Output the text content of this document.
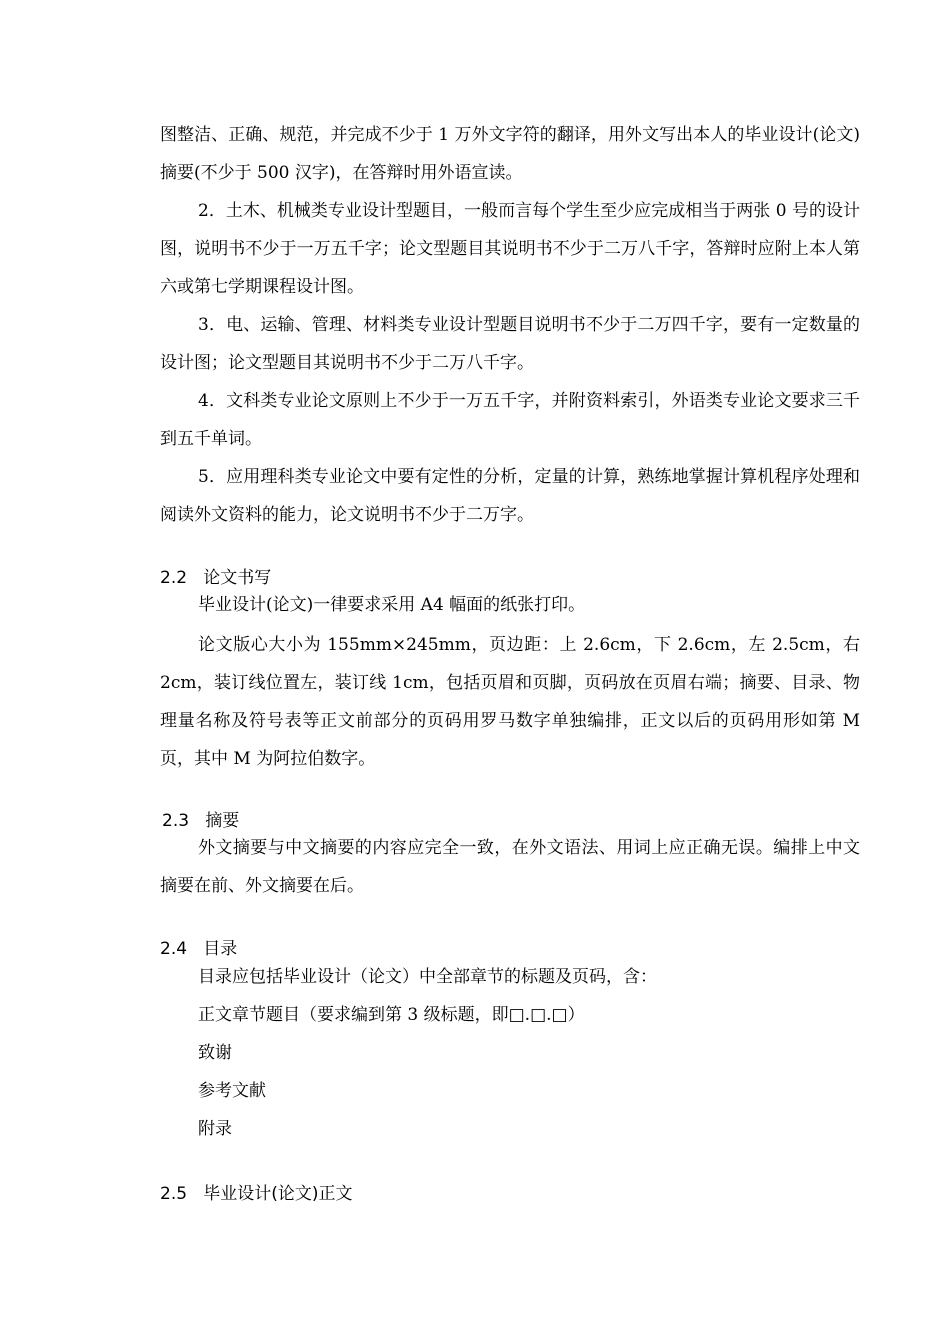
图整洁、正确、规范，并完成不少于 1 万外文字符的翻译，用外文写出本人的毕业设计(论文)摘要(不少于 500 汉字)，在答辩时用外语宣读。

2．土木、机械类专业设计型题目，一般而言每个学生至少应完成相当于两张 0 号的设计图，说明书不少于一万五千字；论文型题目其说明书不少于二万八千字，答辩时应附上本人第六或第七学期课程设计图。

3．电、运输、管理、材料类专业设计型题目说明书不少于二万四千字，要有一定数量的设计图；论文型题目其说明书不少于二万八千字。

4．文科类专业论文原则上不少于一万五千字，并附资料索引，外语类专业论文要求三千到五千单词。

5．应用理科类专业论文中要有定性的分析，定量的计算，熟练地掌握计算机程序处理和阅读外文资料的能力，论文说明书不少于二万字。

2.2   论文书写

毕业设计(论文)一律要求采用 A4 幅面的纸张打印。

论文版心大小为 155mm×245mm，页边距：上 2.6cm，下 2.6cm，左 2.5cm，右 2cm，装订线位置左，装订线 1cm，包括页眉和页脚，页码放在页眉右端；摘要、目录、物理量名称及符号表等正文前部分的页码用罗马数字单独编排，正文以后的页码用形如第 M 页，其中 M 为阿拉伯数字。

2.3   摘要

外文摘要与中文摘要的内容应完全一致，在外文语法、用词上应正确无误。编排上中文摘要在前、外文摘要在后。

2.4   目录

目录应包括毕业设计（论文）中全部章节的标题及页码，含：

正文章节题目（要求编到第 3 级标题，即□.□.□）

致谢

参考文献

附录

2.5   毕业设计(论文)正文
